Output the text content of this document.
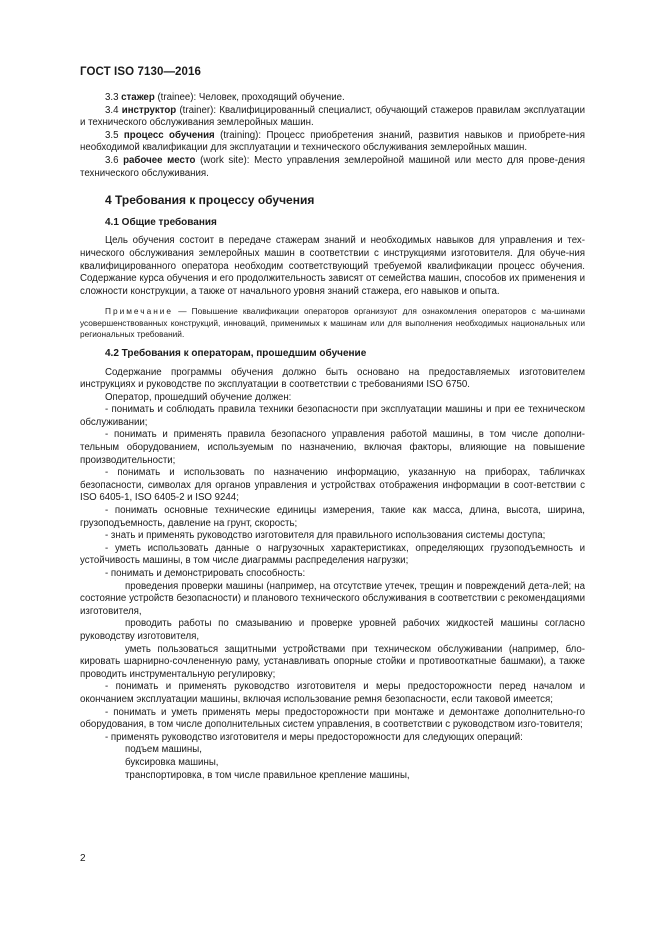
ГОСТ ISO 7130—2016

3.3 стажер (trainee): Человек, проходящий обучение.

3.4 инструктор (trainer): Квалифицированный специалист, обучающий стажеров правилам эксплуатации и технического обслуживания землеройных машин.

3.5 процесс обучения (training): Процесс приобретения знаний, развития навыков и приобрете-ния необходимой квалификации для эксплуатации и технического обслуживания землеройных машин.

3.6 рабочее место (work site): Место управления землеройной машиной или место для прове-дения технического обслуживания.

4 Требования к процессу обучения
4.1 Общие требования

Цель обучения состоит в передаче стажерам знаний и необходимых навыков для управления и тех-нического обслуживания землеройных машин в соответствии с инструкциями изготовителя. Для обуче-ния квалифицированного оператора необходим соответствующий требуемой квалификации процесс обучения. Содержание курса обучения и его продолжительность зависят от семейства машин, способов их применения и сложности конструкции, а также от начального уровня знаний стажера, его навыков и опыта.

Примечание — Повышение квалификации операторов организуют для ознакомления операторов с ма-шинами усовершенствованных конструкций, инноваций, применимых к машинам или для выполнения необходимых национальных или региональных требований.

4.2 Требования к операторам, прошедшим обучение

Содержание программы обучения должно быть основано на предоставляемых изготовителем инструкциях и руководстве по эксплуатации в соответствии с требованиями ISO 6750.

Оператор, прошедший обучение должен:

- понимать и соблюдать правила техники безопасности при эксплуатации машины и при ее техническом обслуживании;

- понимать и применять правила безопасного управления работой машины, в том числе дополни-тельным оборудованием, используемым по назначению, включая факторы, влияющие на повышение производительности;

- понимать и использовать по назначению информацию, указанную на приборах, табличках безопасности, символах для органов управления и устройствах отображения информации в соот-ветствии с ISO 6405-1, ISO 6405-2 и ISO 9244;

- понимать основные технические единицы измерения, такие как масса, длина, высота, ширина, грузоподъемность, давление на грунт, скорость;

- знать и применять руководство изготовителя для правильного использования системы доступа;

- уметь использовать данные о нагрузочных характеристиках, определяющих грузоподъемность и устойчивость машины, в том числе диаграммы распределения нагрузки;

- понимать и демонстрировать способность:

проведения проверки машины (например, на отсутствие утечек, трещин и повреждений дета-лей; на состояние устройств безопасности) и планового технического обслуживания в соответствии с рекомендациями изготовителя,

проводить работы по смазыванию и проверке уровней рабочих жидкостей машины согласно руководству изготовителя,

уметь пользоваться защитными устройствами при техническом обслуживании (например, бло-кировать шарнирно-сочлененную раму, устанавливать опорные стойки и противооткатные башмаки), а также проводить инструментальную регулировку;

- понимать и применять руководство изготовителя и меры предосторожности перед началом и окончанием эксплуатации машины, включая использование ремня безопасности, если таковой имеется;

- понимать и уметь применять меры предосторожности при монтаже и демонтаже дополнительно-го оборудования, в том числе дополнительных систем управления, в соответствии с руководством изго-товителя;

- применять руководство изготовителя и меры предосторожности для следующих операций:

подъем машины,

буксировка машины,

транспортировка, в том числе правильное крепление машины,

2
